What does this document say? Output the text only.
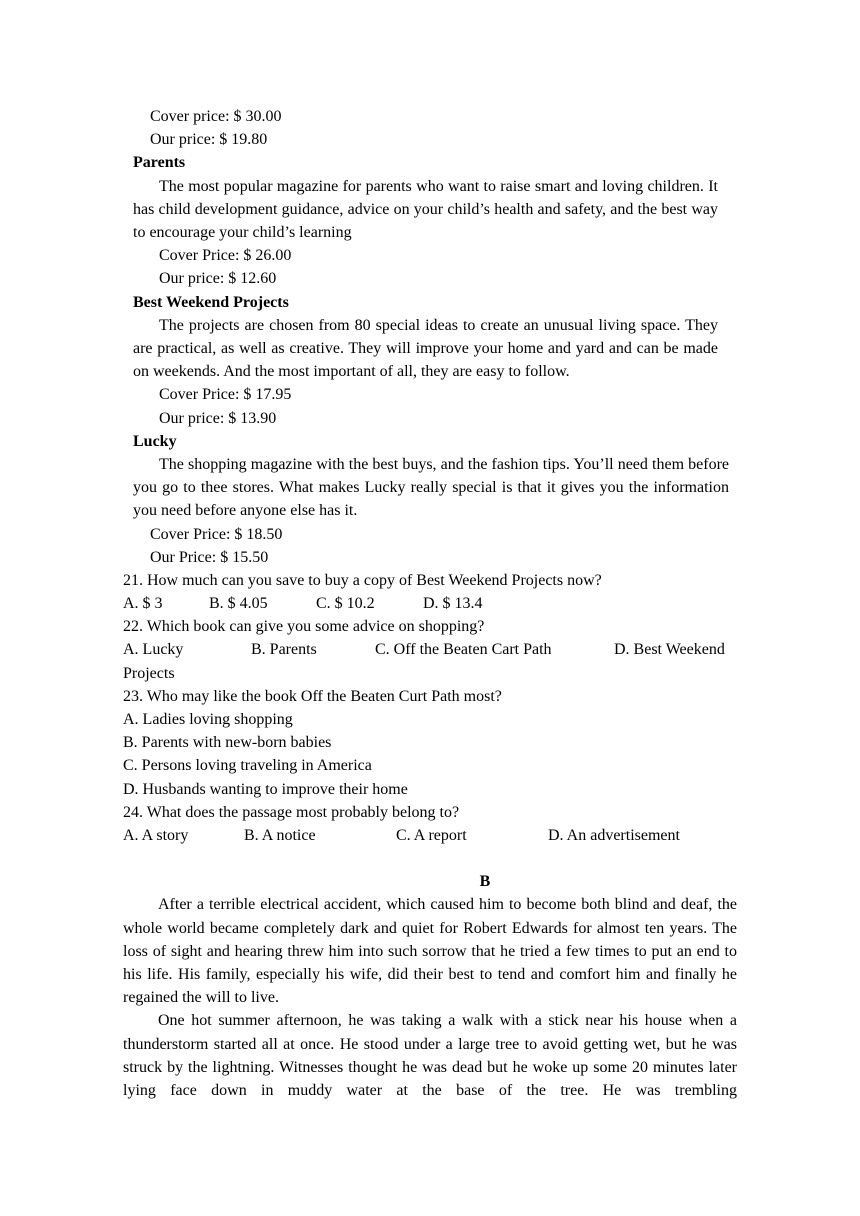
Cover price: $ 30.00
Our price: $ 19.80
Parents
The most popular magazine for parents who want to raise smart and loving children. It has child development guidance, advice on your child’s health and safety, and the best way to encourage your child’s learning
Cover Price: $ 26.00
Our price: $ 12.60
Best Weekend Projects
The projects are chosen from 80 special ideas to create an unusual living space. They are practical, as well as creative. They will improve your home and yard and can be made on weekends. And the most important of all, they are easy to follow.
Cover Price: $ 17.95
Our price: $ 13.90
Lucky
The shopping magazine with the best buys, and the fashion tips. You’ll need them before you go to thee stores. What makes Lucky really special is that it gives you the information you need before anyone else has it.
Cover Price: $ 18.50
Our Price: $ 15.50
21. How much can you save to buy a copy of Best Weekend Projects now?
A. $ 3	B. $ 4.05	C. $ 10.2	D. $ 13.4
22. Which book can give you some advice on shopping?
A. Lucky	B. Parents	C. Off the Beaten Cart Path	D. Best Weekend
Projects
23. Who may like the book Off the Beaten Curt Path most?
A. Ladies loving shopping
B. Parents with new-born babies
C. Persons loving traveling in America
D. Husbands wanting to improve their home
24. What does the passage most probably belong to?
A. A story	B. A notice	C. A report	D. An advertisement
B
After a terrible electrical accident, which caused him to become both blind and deaf, the whole world became completely dark and quiet for Robert Edwards for almost ten years. The loss of sight and hearing threw him into such sorrow that he tried a few times to put an end to his life. His family, especially his wife, did their best to tend and comfort him and finally he regained the will to live.
One hot summer afternoon, he was taking a walk with a stick near his house when a thunderstorm started all at once. He stood under a large tree to avoid getting wet, but he was struck by the lightning. Witnesses thought he was dead but he woke up some 20 minutes later lying face down in muddy water at the base of the tree. He was trembling
